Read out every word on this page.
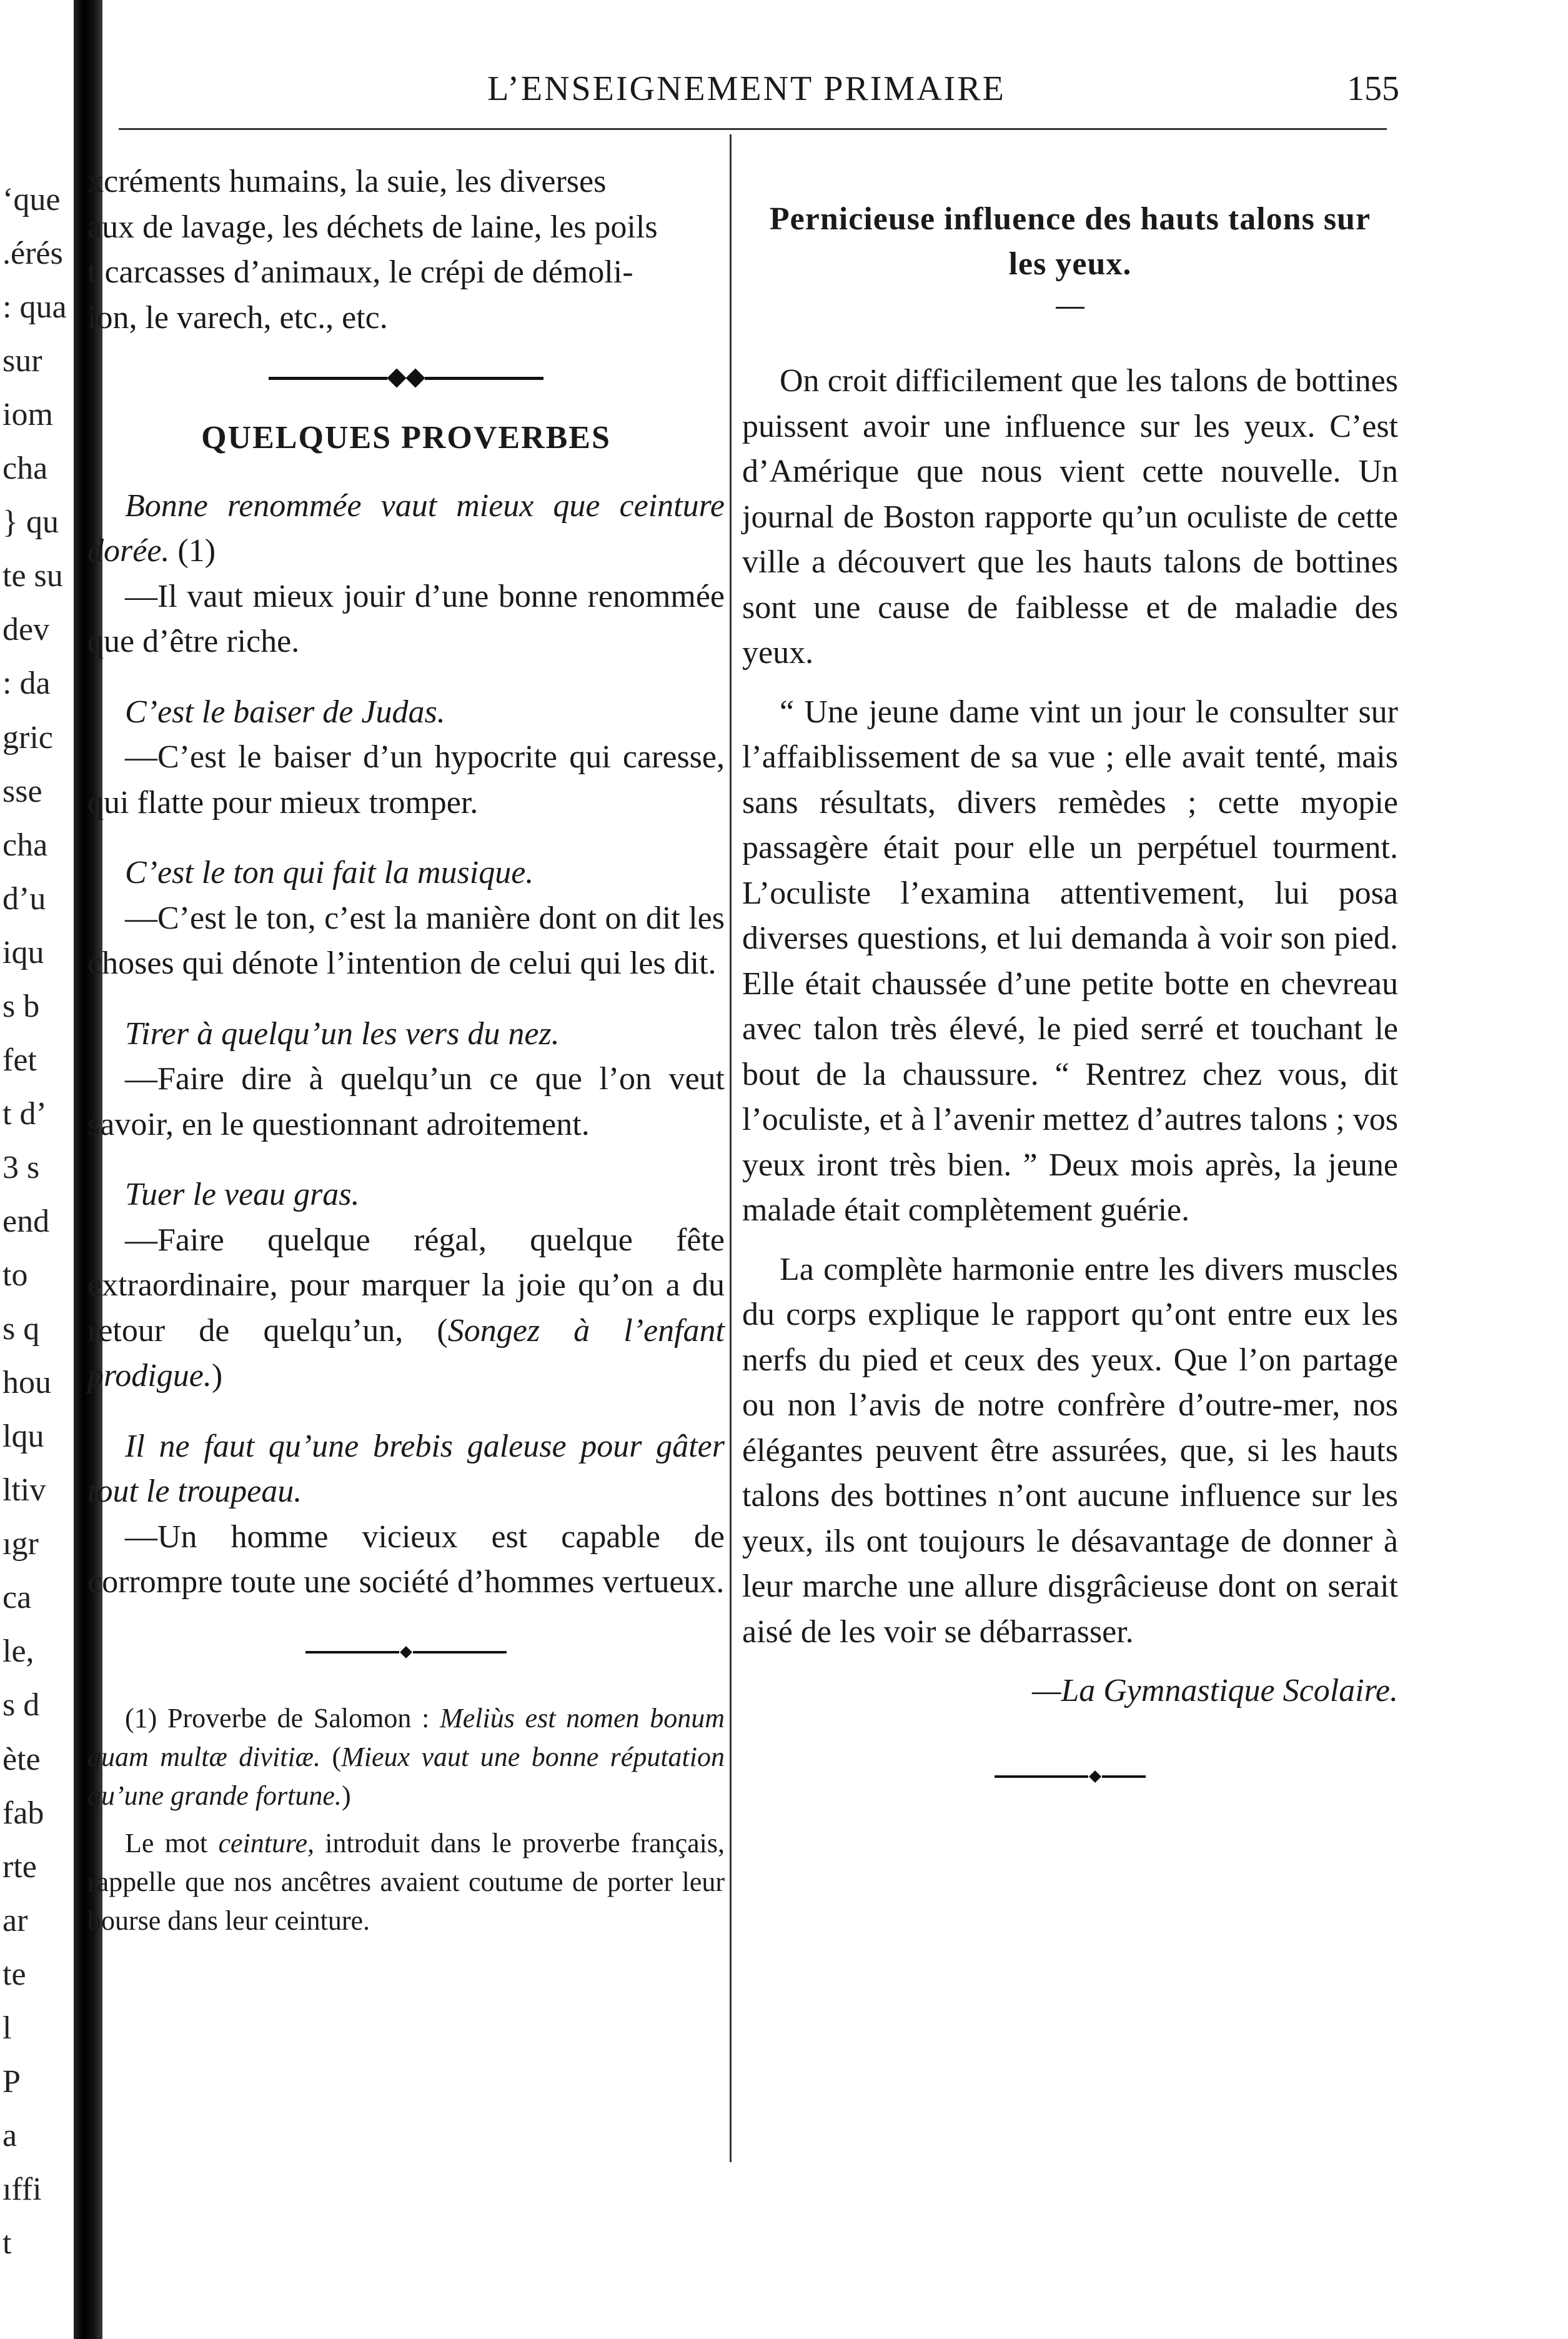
‘que
.érés
: qua
sur
iom
cha
} qu
te su
dev
: da
gric
sse
cha
d’u
iqu
s b
fet
t d’
3 s
end
to
s q
hou
lqu
ltiv
ıgr
ca
le,
s d
ète
fab
rte
ar
te
l
P
a
ıffi
t
L’ENSEIGNEMENT PRIMAIRE	155
xcréments humains, la suie, les diverses
aux de lavage, les déchets de laine, les poils
t carcasses d’animaux, le crépi de démoli-
ion, le varech, etc., etc.
QUELQUES PROVERBES

Bonne renommée vaut mieux que ceinture dorée. (1)

—Il vaut mieux jouir d’une bonne renommée que d’être riche.

C’est le baiser de Judas.

—C’est le baiser d’un hypocrite qui caresse, qui flatte pour mieux tromper.

C’est le ton qui fait la musique.

—C’est le ton, c’est la manière dont on dit les choses qui dénote l’intention de celui qui les dit.

Tirer à quelqu’un les vers du nez.

—Faire dire à quelqu’un ce que l’on veut savoir, en le questionnant adroitement.

Tuer le veau gras.

—Faire quelque régal, quelque fête extraordinaire, pour marquer la joie qu’on a du retour de quelqu’un, (Songez à l’enfant prodigue.)

Il ne faut qu’une brebis galeuse pour gâter tout le troupeau.

—Un homme vicieux est capable de corrompre toute une société d’hommes vertueux.

(1) Proverbe de Salomon : Meliùs est nomen bonum quam multæ divitiæ. (Mieux vaut une bonne réputation qu’une grande fortune.)

Le mot ceinture, introduit dans le proverbe français, rappelle que nos ancêtres avaient coutume de porter leur bourse dans leur ceinture.

Pernicieuse influence des hauts talons sur les yeux.

On croit difficilement que les talons de bottines puissent avoir une influence sur les yeux. C’est d’Amérique que nous vient cette nouvelle. Un journal de Boston rapporte qu’un oculiste de cette ville a découvert que les hauts talons de bottines sont une cause de faiblesse et de maladie des yeux.

“ Une jeune dame vint un jour le consulter sur l’affaiblissement de sa vue ; elle avait tenté, mais sans résultats, divers remèdes ; cette myopie passagère était pour elle un perpétuel tourment. L’oculiste l’examina attentivement, lui posa diverses questions, et lui demanda à voir son pied. Elle était chaussée d’une petite botte en chevreau avec talon très élevé, le pied serré et touchant le bout de la chaussure. “ Rentrez chez vous, dit l’oculiste, et à l’avenir mettez d’autres talons ; vos yeux iront très bien. ” Deux mois après, la jeune malade était complètement guérie.

La complète harmonie entre les divers muscles du corps explique le rapport qu’ont entre eux les nerfs du pied et ceux des yeux. Que l’on partage ou non l’avis de notre confrère d’outre-mer, nos élégantes peuvent être assurées, que, si les hauts talons des bottines n’ont aucune influence sur les yeux, ils ont toujours le désavantage de donner à leur marche une allure disgrâcieuse dont on serait aisé de les voir se débarrasser.

—La Gymnastique Scolaire.
